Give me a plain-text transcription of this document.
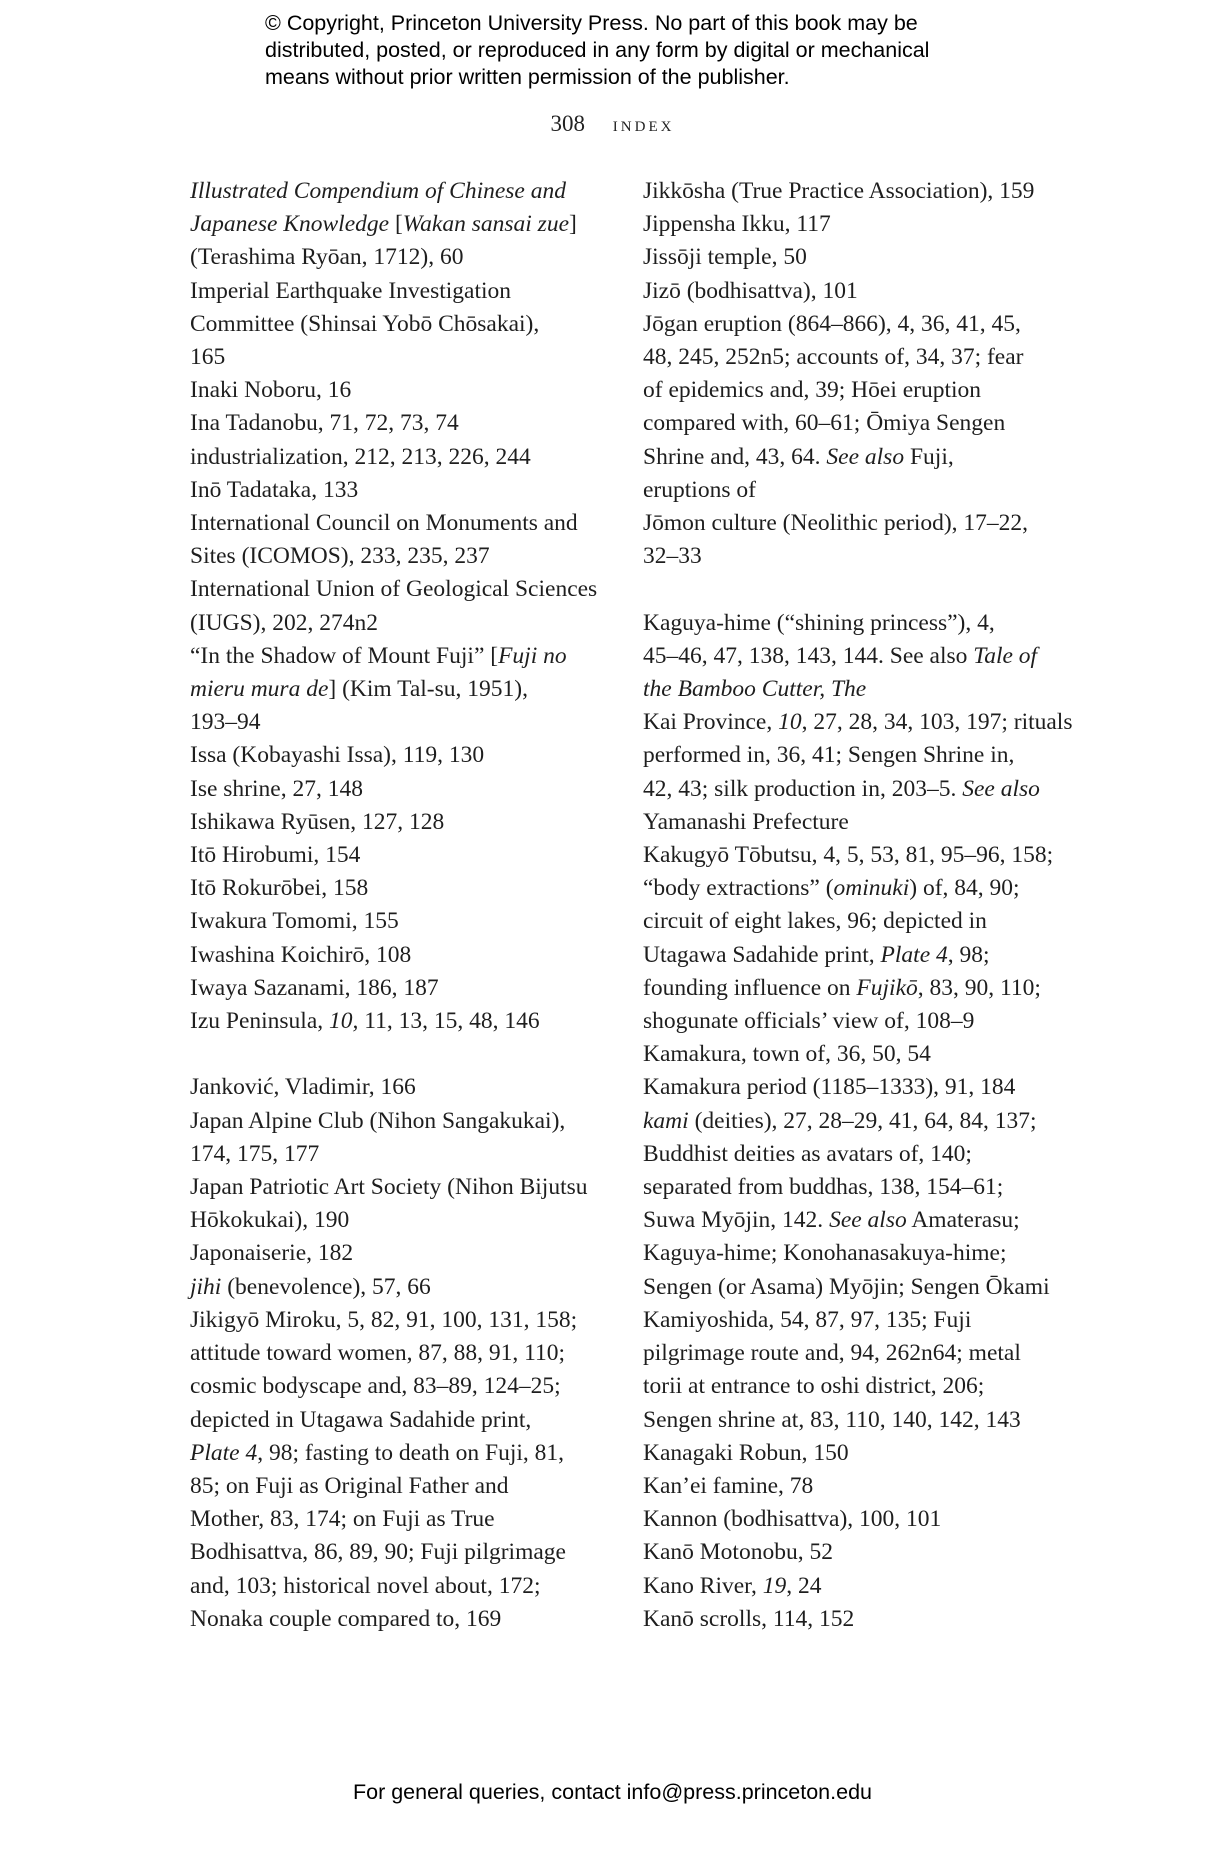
© Copyright, Princeton University Press. No part of this book may be
distributed, posted, or reproduced in any form by digital or mechanical
means without prior written permission of the publisher.
308 index
Illustrated Compendium of Chinese and
Japanese Knowledge [Wakan sansai zue]
(Terashima Ryōan, 1712), 60
Imperial Earthquake Investigation
Committee (Shinsai Yobō Chōsakai),
165
Inaki Noboru, 16
Ina Tadanobu, 71, 72, 73, 74
industrialization, 212, 213, 226, 244
Inō Tadataka, 133
International Council on Monuments and
Sites (ICOMOS), 233, 235, 237
International Union of Geological Sciences
(IUGS), 202, 274n2
“In the Shadow of Mount Fuji” [Fuji no
mieru mura de] (Kim Tal-su, 1951),
193–94
Issa (Kobayashi Issa), 119, 130
Ise shrine, 27, 148
Ishikawa Ryūsen, 127, 128
Itō Hirobumi, 154
Itō Rokurōbei, 158
Iwakura Tomomi, 155
Iwashina Koichirō, 108
Iwaya Sazanami, 186, 187
Izu Peninsula, 10, 11, 13, 15, 48, 146
Janković, Vladimir, 166
Japan Alpine Club (Nihon Sangakukai),
174, 175, 177
Japan Patriotic Art Society (Nihon Bijutsu
Hōkokukai), 190
Japonaiserie, 182
jihi (benevolence), 57, 66
Jikigyō Miroku, 5, 82, 91, 100, 131, 158;
attitude toward women, 87, 88, 91, 110;
cosmic bodyscape and, 83–89, 124–25;
depicted in Utagawa Sadahide print,
Plate 4, 98; fasting to death on Fuji, 81,
85; on Fuji as Original Father and
Mother, 83, 174; on Fuji as True
Bodhisattva, 86, 89, 90; Fuji pilgrimage
and, 103; historical novel about, 172;
Nonaka couple compared to, 169
Jikkōsha (True Practice Association), 159
Jippensha Ikku, 117
Jissōji temple, 50
Jizō (bodhisattva), 101
Jōgan eruption (864–866), 4, 36, 41, 45,
48, 245, 252n5; accounts of, 34, 37; fear
of epidemics and, 39; Hōei eruption
compared with, 60–61; Ōmiya Sengen
Shrine and, 43, 64. See also Fuji,
eruptions of
Jōmon culture (Neolithic period), 17–22,
32–33
Kaguya-hime (“shining princess”), 4,
45–46, 47, 138, 143, 144. See also Tale of
the Bamboo Cutter, The
Kai Province, 10, 27, 28, 34, 103, 197; rituals
performed in, 36, 41; Sengen Shrine in,
42, 43; silk production in, 203–5. See also
Yamanashi Prefecture
Kakugyō Tōbutsu, 4, 5, 53, 81, 95–96, 158;
“body extractions” (ominuki) of, 84, 90;
circuit of eight lakes, 96; depicted in
Utagawa Sadahide print, Plate 4, 98;
founding influence on Fujikō, 83, 90, 110;
shogunate officials’ view of, 108–9
Kamakura, town of, 36, 50, 54
Kamakura period (1185–1333), 91, 184
kami (deities), 27, 28–29, 41, 64, 84, 137;
Buddhist deities as avatars of, 140;
separated from buddhas, 138, 154–61;
Suwa Myōjin, 142. See also Amaterasu;
Kaguya-hime; Konohanasakuya-hime;
Sengen (or Asama) Myōjin; Sengen Ōkami
Kamiyoshida, 54, 87, 97, 135; Fuji
pilgrimage route and, 94, 262n64; metal
torii at entrance to oshi district, 206;
Sengen shrine at, 83, 110, 140, 142, 143
Kanagaki Robun, 150
Kan’ei famine, 78
Kannon (bodhisattva), 100, 101
Kanō Motonobu, 52
Kano River, 19, 24
Kanō scrolls, 114, 152
For general queries, contact info@press.princeton.edu
